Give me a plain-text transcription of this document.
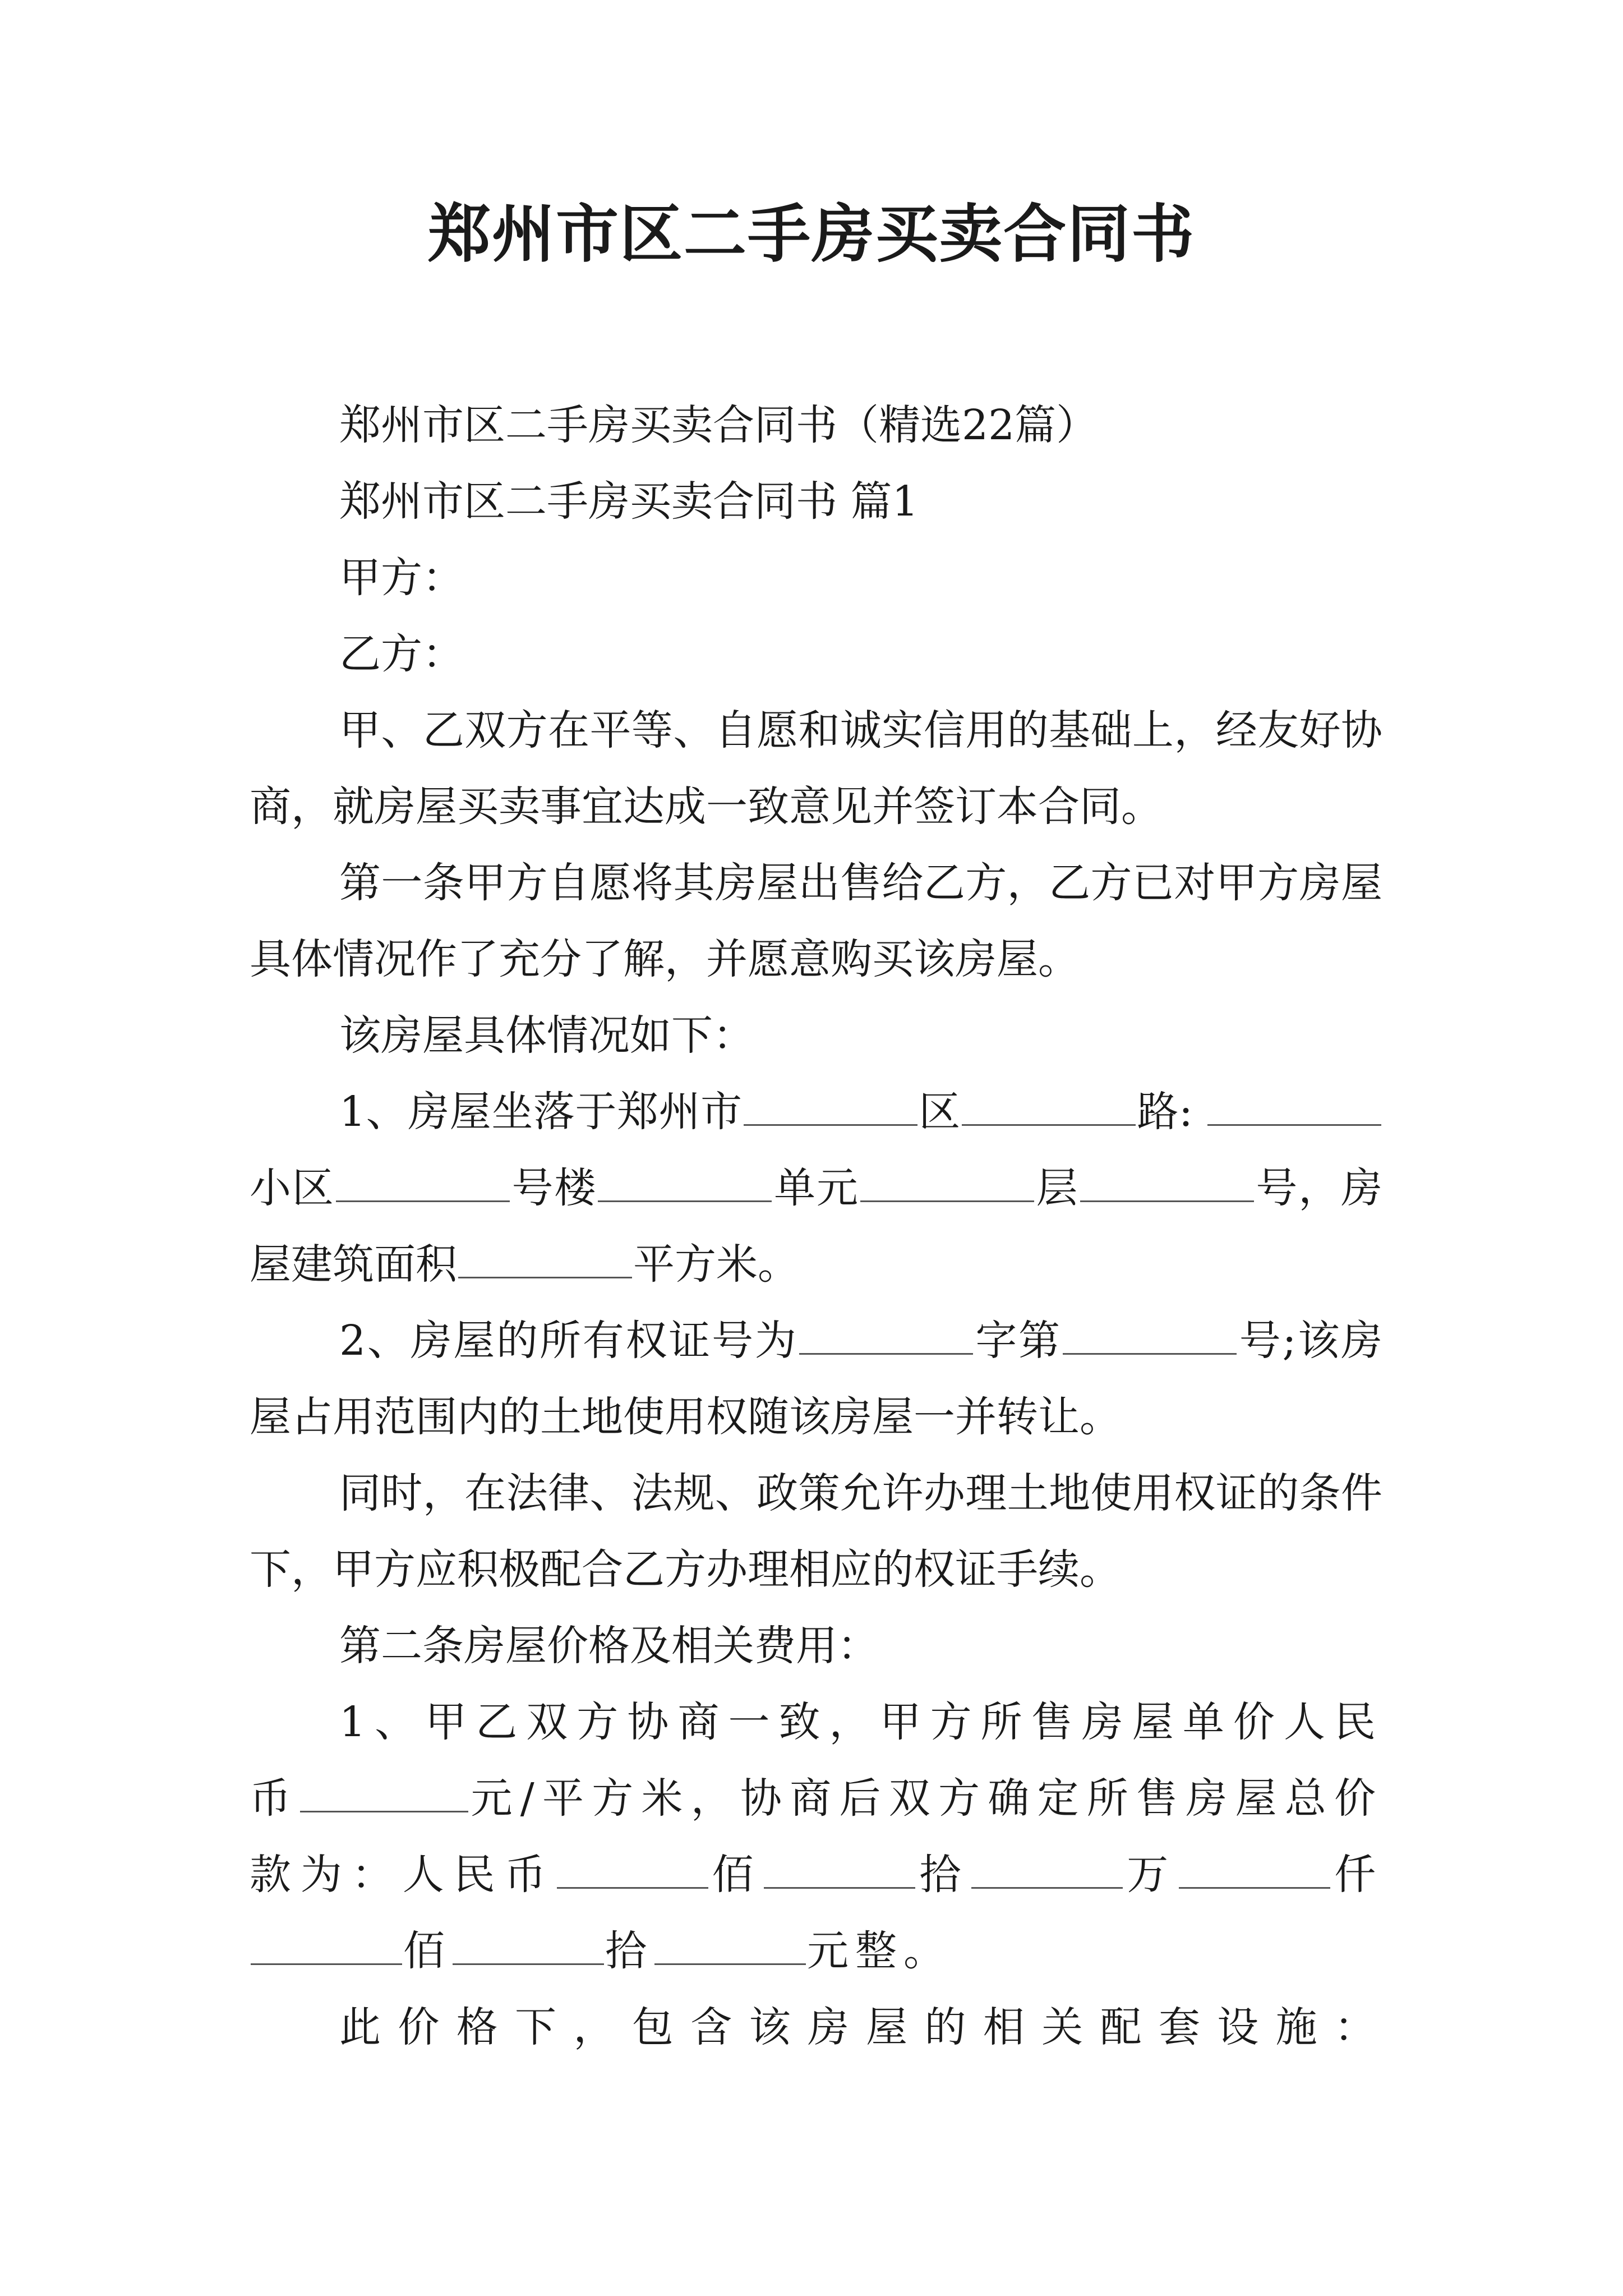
郑州市区二手房买卖合同书

郑州市区二手房买卖合同书（精选22篇）

郑州市区二手房买卖合同书 篇1

甲方：

乙方：

甲、乙双方在平等、自愿和诚实信用的基础上，经友好协商，就房屋买卖事宜达成一致意见并签订本合同。

第一条甲方自愿将其房屋出售给乙方，乙方已对甲方房屋具体情况作了充分了解，并愿意购买该房屋。

该房屋具体情况如下：

1、房屋坐落于郑州市	区	路: 小区	号楼	单元	层	号，房屋建筑面积	平方米。

2、房屋的所有权证号为	字第	号;该房屋占用范围内的土地使用权随该房屋一并转让。

同时，在法律、法规、政策允许办理土地使用权证的条件下，甲方应积极配合乙方办理相应的权证手续。

第二条房屋价格及相关费用：

1、甲乙双方协商一致，甲方所售房屋单价人民币	元/平方米，协商后双方确定所售房屋总价款为：人民币	佰	拾	万	仟佰	拾	元整。

此价格下，包含该房屋的相关配套设施：
